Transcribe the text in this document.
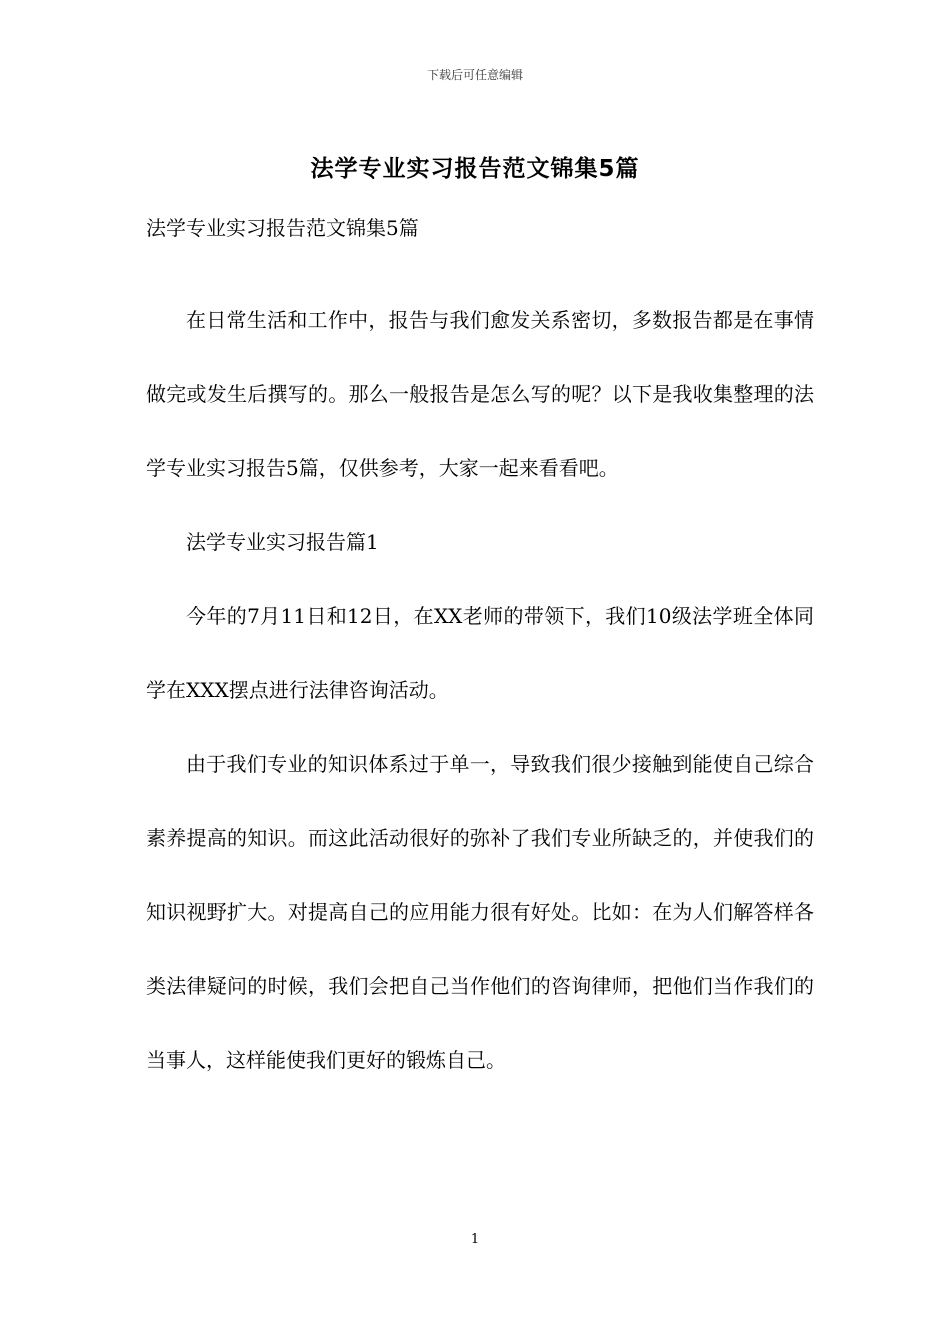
下载后可任意编辑
法学专业实习报告范文锦集5篇
法学专业实习报告范文锦集5篇

在日常生活和工作中，报告与我们愈发关系密切，多数报告都是在事情做完或发生后撰写的。那么一般报告是怎么写的呢？以下是我收集整理的法学专业实习报告5篇，仅供参考，大家一起来看看吧。

法学专业实习报告篇1

今年的7月11日和12日，在XX老师的带领下，我们10级法学班全体同学在XXX摆点进行法律咨询活动。

由于我们专业的知识体系过于单一，导致我们很少接触到能使自己综合素养提高的知识。而这此活动很好的弥补了我们专业所缺乏的，并使我们的知识视野扩大。对提高自己的应用能力很有好处。比如：在为人们解答样各类法律疑问的时候，我们会把自己当作他们的咨询律师，把他们当作我们的当事人，这样能使我们更好的锻炼自己。

1
